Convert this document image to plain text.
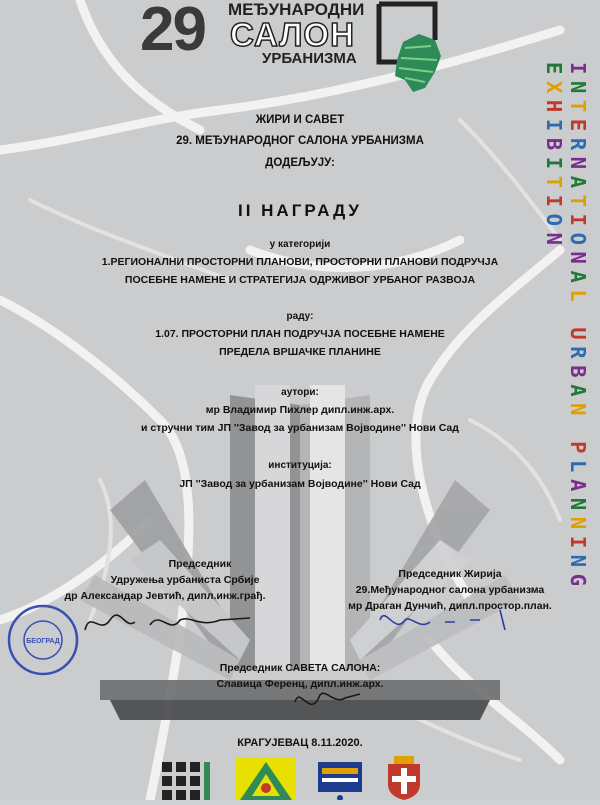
29 МЕЂУНАРОДНИ
САЛОН
УРБАНИЗМА
INTERNATIONAL URBAN PLANNING EXHIBITION
ЖИРИ И САВЕТ
29. МЕЂУНАРОДНОГ САЛОНА УРБАНИЗМА
ДОДЕЉУЈУ:
II НАГРАДУ
у категорији
1.РЕГИОНАЛНИ ПРОСТОРНИ ПЛАНОВИ, ПРОСТОРНИ ПЛАНОВИ ПОДРУЧЈА
ПОСЕБНЕ НАМЕНЕ И СТРАТЕГИЈА ОДРЖИВОГ УРБАНОГ РАЗВОЈА
раду:
1.07. ПРОСТОРНИ ПЛАН ПОДРУЧЈА ПОСЕБНЕ НАМЕНЕ
ПРЕДЕЛА ВРШАЧКЕ ПЛАНИНЕ
аутори:
мр Владимир Пихлер дипл.инж.арх.
и стручни тим ЈП ''Завод за урбанизам Војводине'' Нови Сад
институција:
ЈП ''Завод за урбанизам Војводине'' Нови Сад
Председник
Удружења урбаниста Србије
др Александар Јевтић, дипл.инж.грађ.
Председник Жирија
29.Међународног салона урбанизма
мр Драган Дунчић, дипл.простор.план.
Председник САВЕТА САЛОНА:
Славица Ференц, дипл.инж.арх.
БЕОГРАД
КРАГУЈЕВАЦ 8.11.2020.
